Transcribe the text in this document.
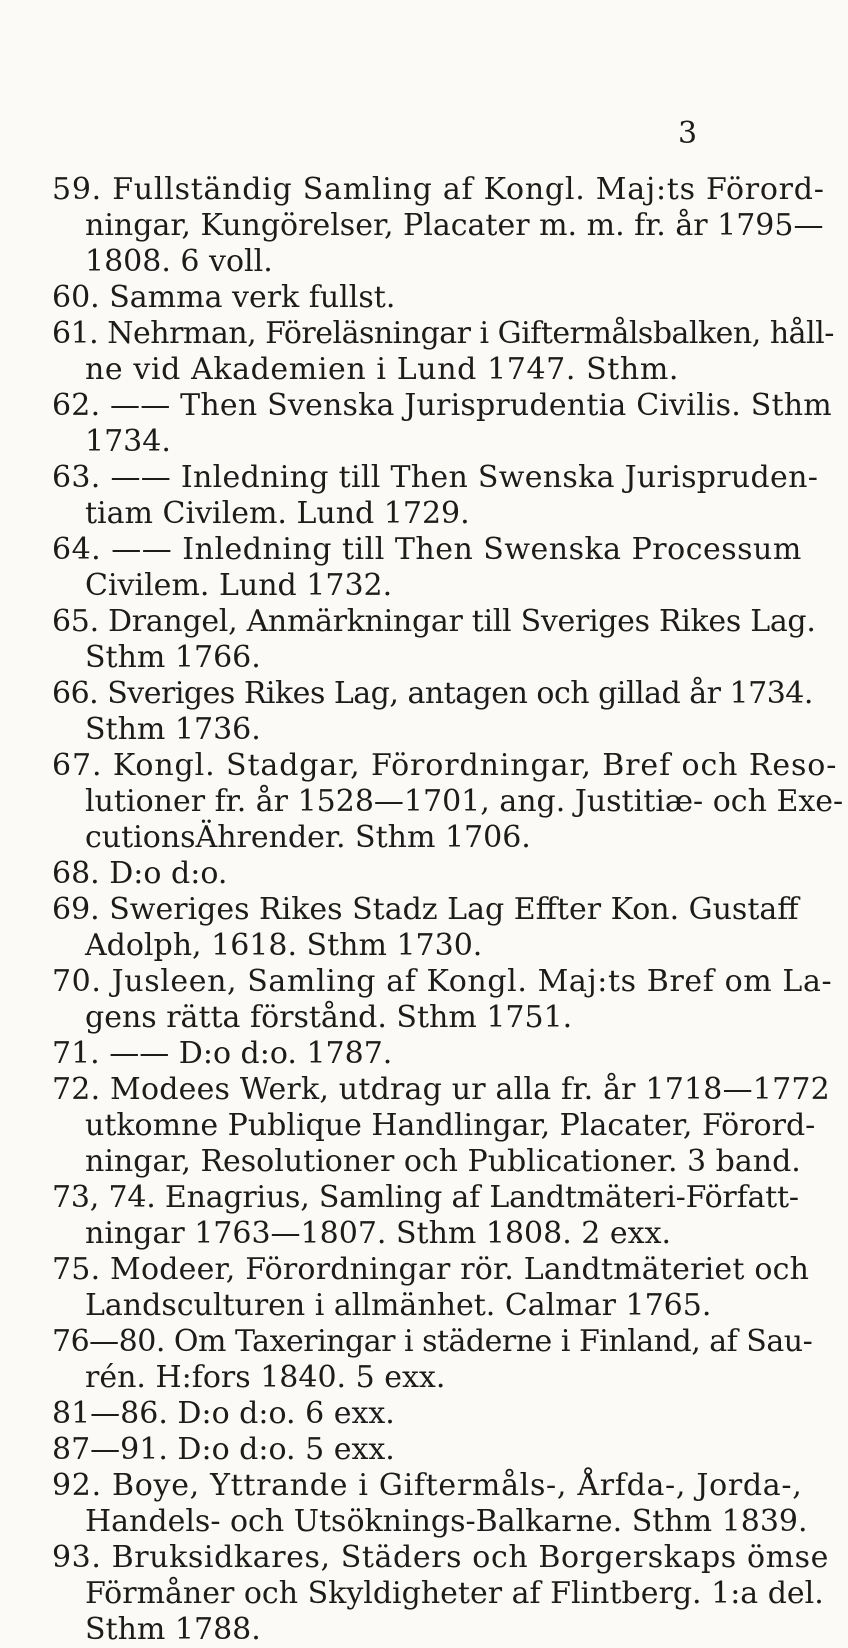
3
59. Fullständig Samling af Kongl. Maj:ts Förord-
ningar, Kungörelser, Placater m. m. fr. år 1795—
1808. 6 voll.
60. Samma verk fullst.
61. Nehrman, Föreläsningar i Giftermålsbalken, håll-
ne vid Akademien i Lund 1747. Sthm.
62. —— Then Svenska Jurisprudentia Civilis. Sthm
1734.
63. —— Inledning till Then Swenska Jurispruden-
tiam Civilem. Lund 1729.
64. —— Inledning till Then Swenska Processum
Civilem. Lund 1732.
65. Drangel, Anmärkningar till Sveriges Rikes Lag.
Sthm 1766.
66. Sveriges Rikes Lag, antagen och gillad år 1734.
Sthm 1736.
67. Kongl. Stadgar, Förordningar, Bref och Reso-
lutioner fr. år 1528—1701, ang. Justitiæ- och Exe-
cutionsÄhrender. Sthm 1706.
68. D:o d:o.
69. Sweriges Rikes Stadz Lag Effter Kon. Gustaff
Adolph, 1618. Sthm 1730.
70. Jusleen, Samling af Kongl. Maj:ts Bref om La-
gens rätta förstånd. Sthm 1751.
71. —— D:o d:o. 1787.
72. Modees Werk, utdrag ur alla fr. år 1718—1772
utkomne Publique Handlingar, Placater, Förord-
ningar, Resolutioner och Publicationer. 3 band.
73, 74. Enagrius, Samling af Landtmäteri-Författ-
ningar 1763—1807. Sthm 1808. 2 exx.
75. Modeer, Förordningar rör. Landtmäteriet och
Landsculturen i allmänhet. Calmar 1765.
76—80. Om Taxeringar i städerne i Finland, af Sau-
rén. H:fors 1840. 5 exx.
81—86. D:o d:o. 6 exx.
87—91. D:o d:o. 5 exx.
92. Boye, Yttrande i Giftermåls-, Årfda-, Jorda-,
Handels- och Utsöknings-Balkarne. Sthm 1839.
93. Bruksidkares, Städers och Borgerskaps ömse
Förmåner och Skyldigheter af Flintberg. 1:a del.
Sthm 1788.
